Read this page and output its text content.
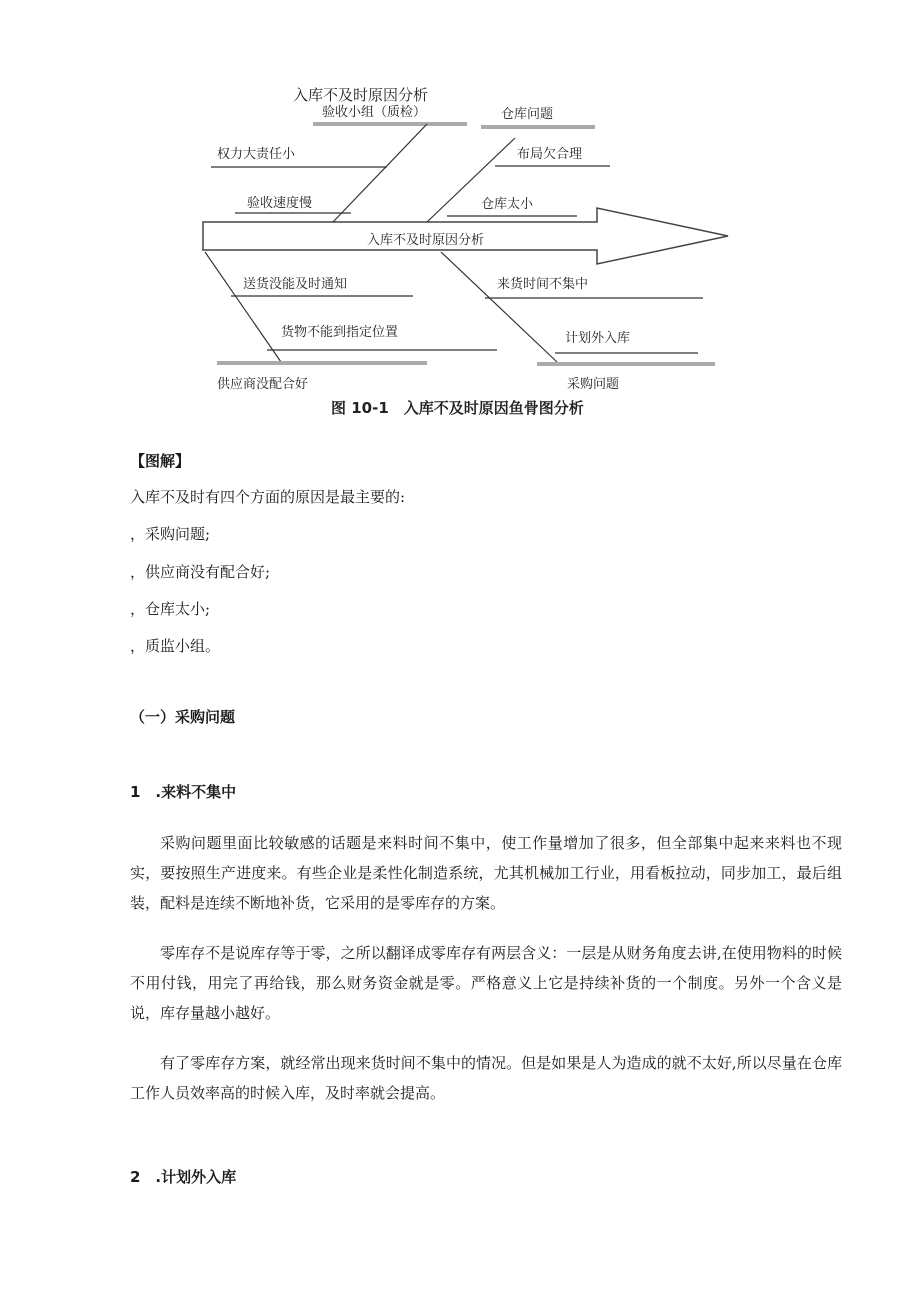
入库不及时原因分析
入库不及时原因分析
验收小组（质检）
权力大责任小
验收速度慢
仓库问题
布局欠合理
仓库太小
送货没能及时通知
货物不能到指定位置
供应商没配合好
来货时间不集中
计划外入库
采购问题
图 10-1　入库不及时原因鱼骨图分析
【图解】
入库不及时有四个方面的原因是最主要的:
，采购问题;
，供应商没有配合好;
，仓库太小;
，质监小组。
（一）采购问题
1　.来料不集中

采购问题里面比较敏感的话题是来料时间不集中，使工作量增加了很多，但全部集中起来来料也不现实，要按照生产进度来。有些企业是柔性化制造系统，尤其机械加工行业，用看板拉动，同步加工，最后组装，配料是连续不断地补货，它采用的是零库存的方案。

零库存不是说库存等于零，之所以翻译成零库存有两层含义：一层是从财务角度去讲,在使用物料的时候不用付钱，用完了再给钱，那么财务资金就是零。严格意义上它是持续补货的一个制度。另外一个含义是说，库存量越小越好。

有了零库存方案，就经常出现来货时间不集中的情况。但是如果是人为造成的就不太好,所以尽量在仓库工作人员效率高的时候入库，及时率就会提高。

2　.计划外入库
